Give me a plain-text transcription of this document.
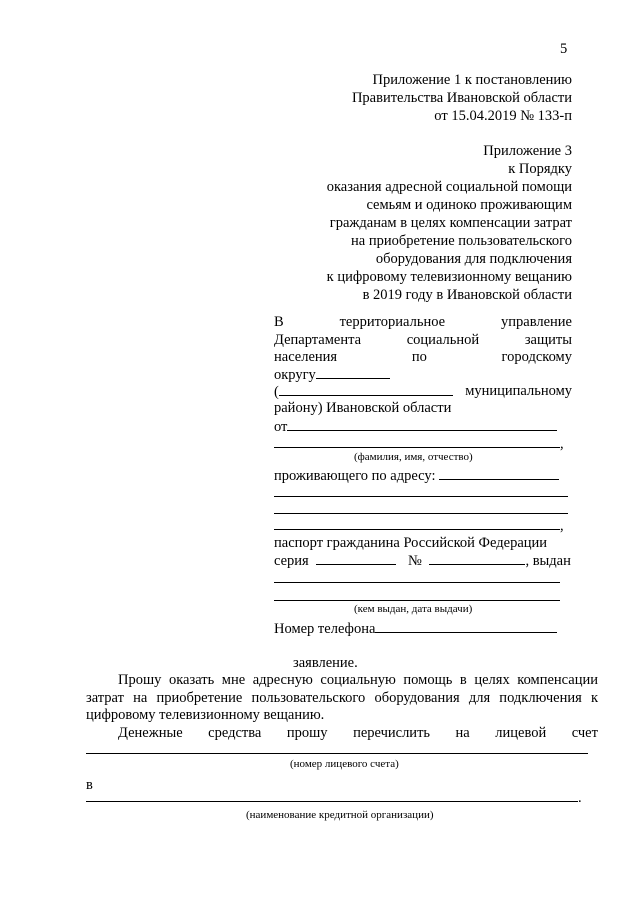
5
Приложение 1 к постановлению
Правительства Ивановской области
от 15.04.2019 № 133-п
Приложение 3
к Порядку
оказания адресной социальной помощи
семьям и одиноко проживающим
гражданам в целях компенсации затрат
на приобретение пользовательского
оборудования для подключения
к цифровому телевизионному вещанию
в 2019 году в Ивановской области
В	территориальное	управление
Департамента	социальной	защиты
населения	по	городскому
округу
(	муниципальному
району) Ивановской области
от
,
(фамилия, имя, отчество)
проживающего по адресу:
,
паспорт гражданина Российской Федерации
серия	№	, выдан
(кем выдан, дата выдачи)
Номер телефона
заявление.
Прошу оказать мне адресную социальную помощь в целях компенсации
затрат на приобретение пользовательского оборудования для подключения к
цифровому телевизионному вещанию.
Денежные средства прошу перечислить на лицевой счет
(номер лицевого счета)
в
.
(наименование кредитной организации)
